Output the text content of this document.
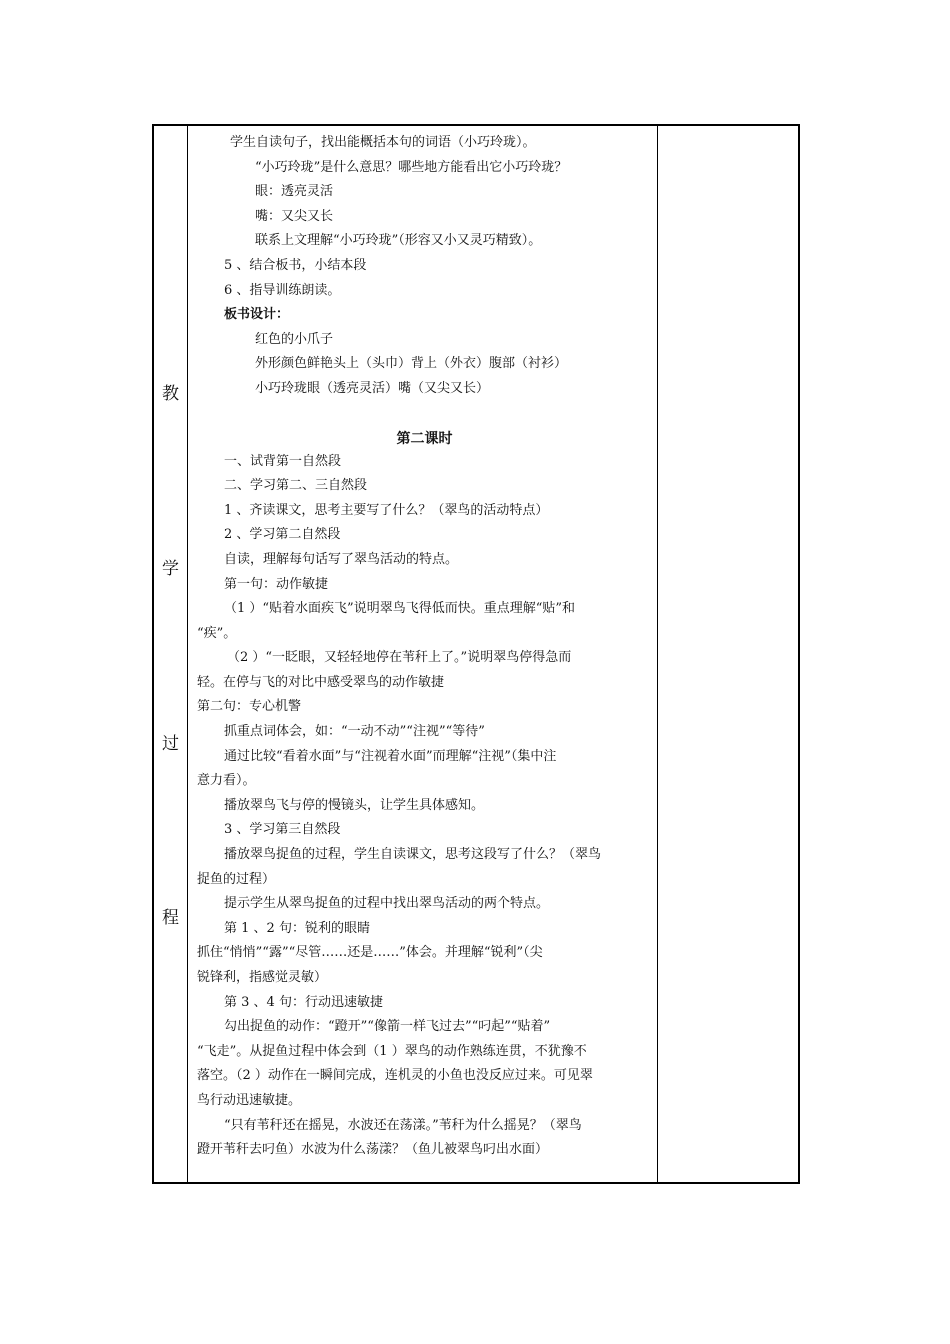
教
学
过
程
学生自读句子，找出能概括本句的词语（小巧玲珑）。
“小巧玲珑”是什么意思？哪些地方能看出它小巧玲珑？
眼：透亮灵活
嘴：又尖又长
联系上文理解“小巧玲珑”（形容又小又灵巧精致）。
5 、结合板书，小结本段
6 、指导训练朗读。
板书设计：
红色的小爪子
外形颜色鲜艳头上（头巾）背上（外衣）腹部（衬衫）
小巧玲珑眼（透亮灵活）嘴（又尖又长）
第二课时
一、试背第一自然段
二、学习第二、三自然段
1 、齐读课文，思考主要写了什么？（翠鸟的活动特点）
2 、学习第二自然段
自读，理解每句话写了翠鸟活动的特点。
第一句：动作敏捷
（1 ）“贴着水面疾飞”说明翠鸟飞得低而快。重点理解“贴”和
“疾”。
（2 ）“一眨眼，又轻轻地停在苇秆上了。”说明翠鸟停得急而
轻。在停与飞的对比中感受翠鸟的动作敏捷
第二句：专心机警
抓重点词体会，如：“一动不动”“注视”“等待”
通过比较“看着水面”与“注视着水面”而理解“注视”（集中注
意力看）。
播放翠鸟飞与停的慢镜头，让学生具体感知。
3 、学习第三自然段
播放翠鸟捉鱼的过程，学生自读课文，思考这段写了什么？（翠鸟
捉鱼的过程）
提示学生从翠鸟捉鱼的过程中找出翠鸟活动的两个特点。
第 1 、2 句：锐利的眼睛
抓住“悄悄”“露”“尽管……还是……”体会。并理解“锐利”（尖
锐锋利，指感觉灵敏）
第 3 、4 句：行动迅速敏捷
勾出捉鱼的动作：“蹬开”“像箭一样飞过去”“叼起”“贴着”
“飞走”。从捉鱼过程中体会到（1 ）翠鸟的动作熟练连贯，不犹豫不
落空。（2 ）动作在一瞬间完成，连机灵的小鱼也没反应过来。可见翠
鸟行动迅速敏捷。
“只有苇秆还在摇晃，水波还在荡漾。”苇秆为什么摇晃？（翠鸟
蹬开苇秆去叼鱼）水波为什么荡漾？（鱼儿被翠鸟叼出水面）
